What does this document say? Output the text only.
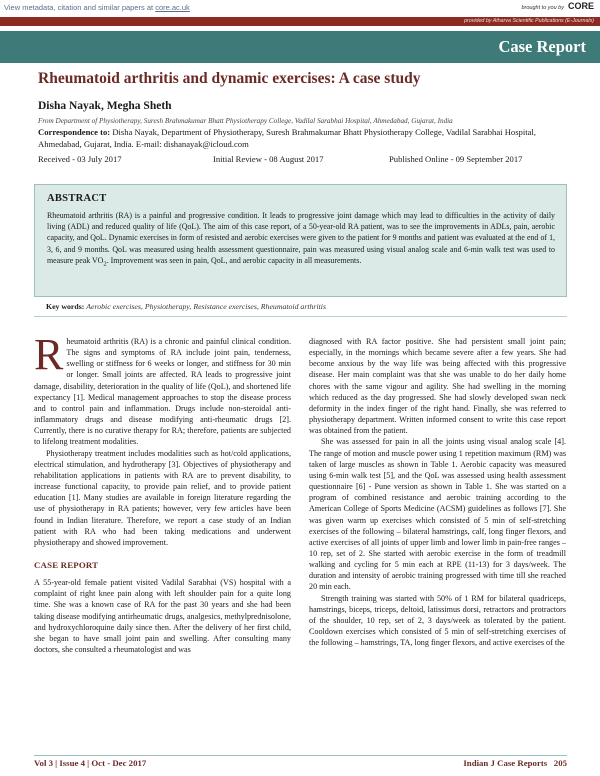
View metadata, citation and similar papers at core.ac.uk	brought to you by CORE
provided by Atharva Scientific Publications (E-Journals)
Case Report
Rheumatoid arthritis and dynamic exercises: A case study
Disha Nayak, Megha Sheth
From Department of Physiotherapy, Suresh Brahmakumar Bhatt Physiotherapy College, Vadilal Sarabhai Hospital, Ahmedabad, Gujarat, India
Correspondence to: Disha Nayak, Department of Physiotherapy, Suresh Brahmakumar Bhatt Physiotherapy College, Vadilal Sarabhai Hospital, Ahmedabad, Gujarat, India. E-mail: dishanayak@icloud.com
Received - 03 July 2017	Initial Review - 08 August 2017	Published Online - 09 September 2017
ABSTRACT
Rheumatoid arthritis (RA) is a painful and progressive condition. It leads to progressive joint damage which may lead to difficulties in the activity of daily living (ADL) and reduced quality of life (QoL). The aim of this case report, of a 50-year-old RA patient, was to see the improvements in ADLs, pain, aerobic capacity, and QoL. Dynamic exercises in form of resisted and aerobic exercises were given to the patient for 9 months and patient was evaluated at the end of 1, 3, 6, and 9 months. QoL was measured using health assessment questionnaire, pain was measured using visual analog scale and 6-min walk test was used to measure peak $VO_2$. Improvement was seen in pain, QoL, and aerobic capacity in all measurements.
Key words: Aerobic exercises, Physiotherapy, Resistance exercises, Rheumatoid arthritis

Rheumatoid arthritis (RA) is a chronic and painful clinical condition. The signs and symptoms of RA include joint pain, tenderness, swelling or stiffness for 6 weeks or longer, and stiffness for 30 min or longer. Small joints are affected. RA leads to progressive joint damage, disability, deterioration in the quality of life (QoL), and shortened life expectancy [1]. Medical management approaches to stop the disease process and to control pain and inflammation. Drugs include non-steroidal anti-inflammatory drugs and disease modifying anti-rheumatic drugs [2]. Currently, there is no curative therapy for RA; therefore, patients are subjected to lifelong treatment modalities.

Physiotherapy treatment includes modalities such as hot/cold applications, electrical stimulation, and hydrotherapy [3]. Objectives of physiotherapy and rehabilitation applications in patients with RA are to prevent disability, to increase functional capacity, to provide pain relief, and to provide patient education [1]. Many studies are available in foreign literature regarding the use of physiotherapy in RA patients; however, very few articles have been found in Indian literature. Therefore, we report a case study of an Indian patient with RA who had been taking medications and underwent physiotherapy and showed improvement.

CASE REPORT

A 55-year-old female patient visited Vadilal Sarabhai (VS) hospital with a complaint of right knee pain along with left shoulder pain for a quite long time. She was a known case of RA for the past 30 years and she had been taking disease modifying antirheumatic drugs, analgesics, methylprednisolone, and hydroxychloroquine daily since then. After the delivery of her first child, she began to have small joint pain and swelling. After consulting many doctors, she consulted a rheumatologist and was

diagnosed with RA factor positive. She had persistent small joint pain; especially, in the mornings which became severe after a few years. She had become anxious by the way life was being affected with this progressive disease. Her main complaint was that she was unable to do her daily home chores with the same vigour and agility. She had swelling in the morning which reduced as the day progressed. She had slowly developed swan neck deformity in the index finger of the right hand. Finally, she was referred to physiotherapy department. Written informed consent to write this case report was obtained from the patient.

She was assessed for pain in all the joints using visual analog scale [4]. The range of motion and muscle power using 1 repetition maximum (RM) was taken of large muscles as shown in Table 1. Aerobic capacity was measured using 6-min walk test [5], and the QoL was assessed using health assessment questionnaire [6] - Pune version as shown in Table 1. She was started on a program of combined resistance and aerobic training according to the American College of Sports Medicine (ACSM) guidelines as follows [7]. She was given warm up exercises which consisted of 5 min of self-stretching exercises of the following – bilateral hamstrings, calf, long finger flexors, and active exercises of all joints of upper limb and lower limb in pain-free ranges – 10 rep, set of 2. She started with aerobic exercise in the form of treadmill walking and cycling for 5 min each at RPE (11-13) for 3 days/week. The duration and intensity of aerobic training progressed with time till she reached 20 min each.

Strength training was started with 50% of 1 RM for bilateral quadriceps, hamstrings, biceps, triceps, deltoid, latissimus dorsi, retractors and protractors of the shoulder, 10 rep, set of 2, 3 days/week as tolerated by the patient. Cooldown exercises which consisted of 5 min of self-stretching exercises of the following – hamstrings, TA, long finger flexors, and active exercises of the

Vol 3 | Issue 4 | Oct - Dec 2017	Indian J Case Reports   205
